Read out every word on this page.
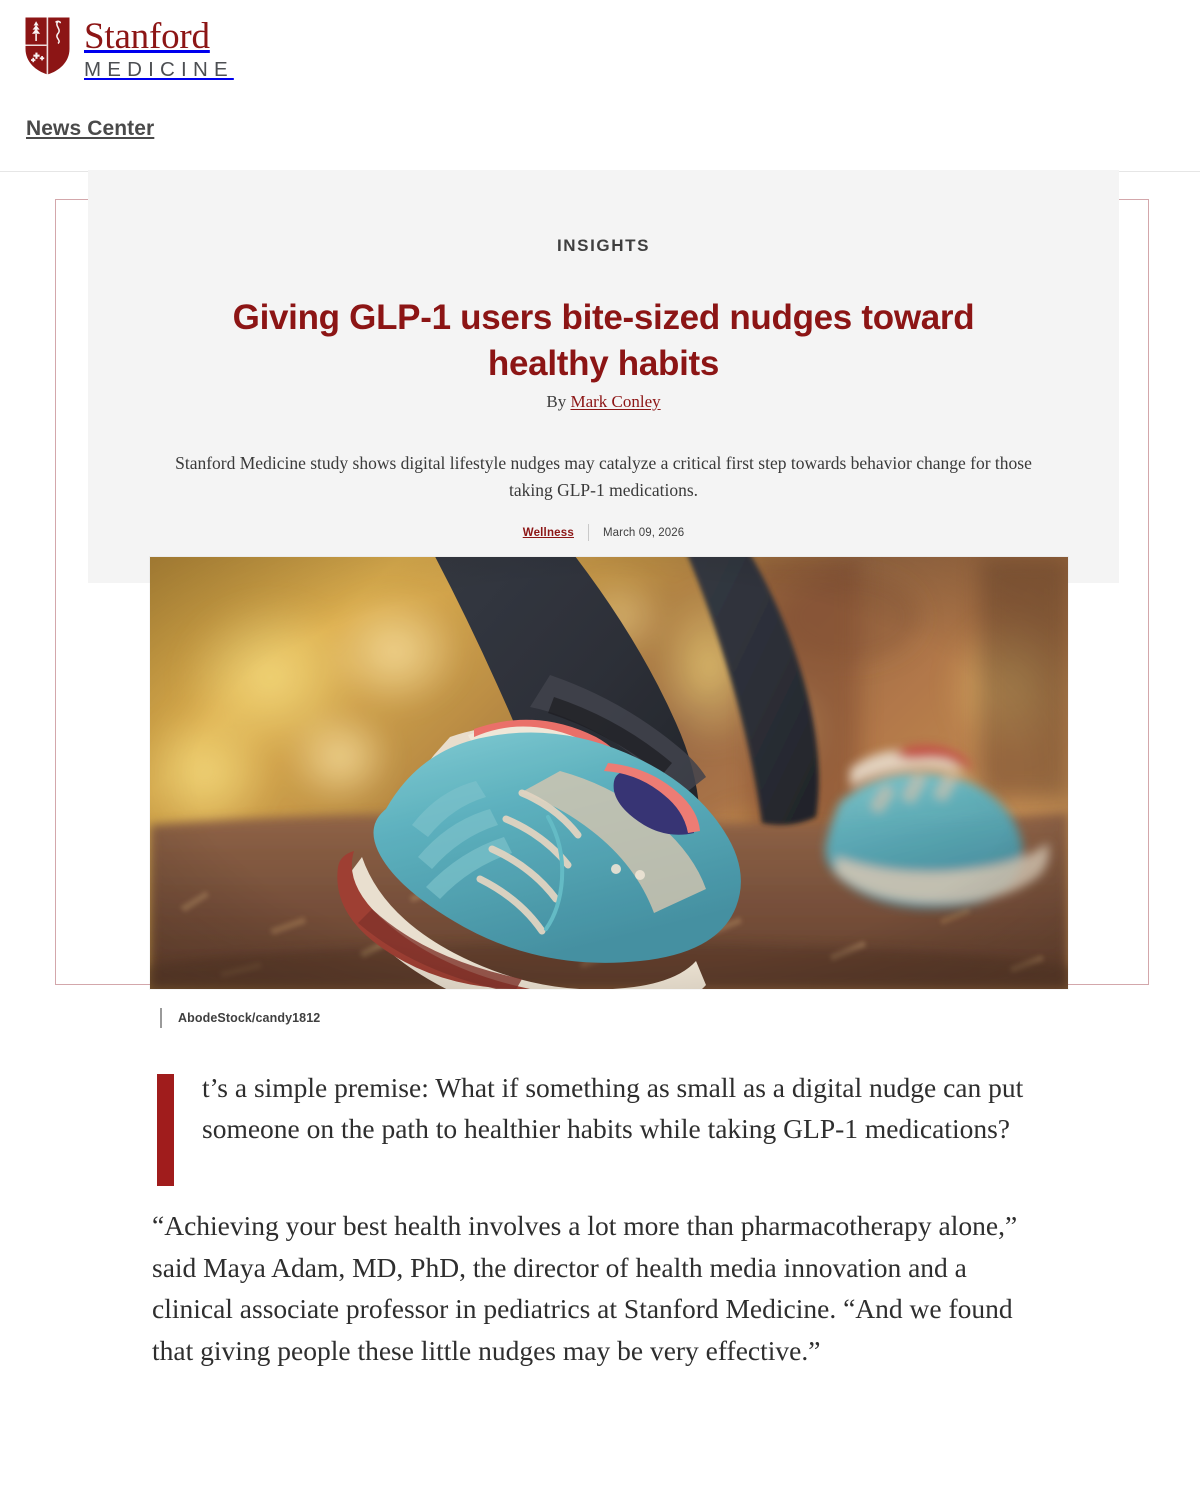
Stanford
MEDICINE
News Center
INSIGHTS
Giving GLP-1 users bite-sized nudges toward healthy habits
By Mark Conley

Stanford Medicine study shows digital lifestyle nudges may catalyze a critical first step towards behavior change for those taking GLP-1 medications.

Wellness	March 09, 2026
AbodeStock/candy1812

t’s a simple premise: What if something as small as a digital nudge can put someone on the path to healthier habits while taking GLP-1 medications?

“Achieving your best health involves a lot more than pharmacotherapy alone,” said Maya Adam, MD, PhD, the director of health media innovation and a clinical associate professor in pediatrics at Stanford Medicine. “And we found that giving people these little nudges may be very effective.”
